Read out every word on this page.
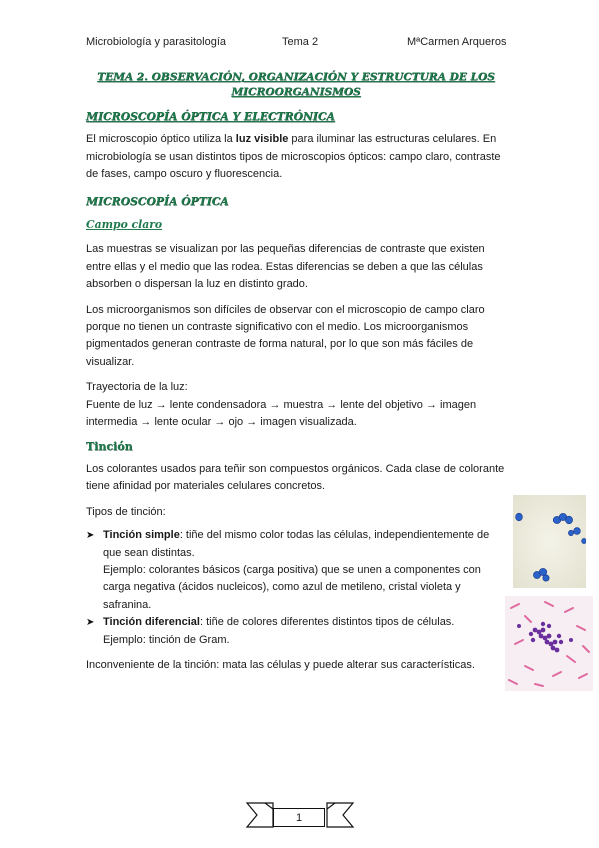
Microbiología y parasitología	Tema 2	MªCarmen Arqueros
TEMA 2. OBSERVACIÓN, ORGANIZACIÓN Y ESTRUCTURA DE LOS
MICROORGANISMOS
MICROSCOPÍA ÓPTICA Y ELECTRÓNICA

El microscopio óptico utiliza la luz visible para iluminar las estructuras celulares. En microbiología se usan distintos tipos de microscopios ópticos: campo claro, contraste de fases, campo oscuro y fluorescencia.

MICROSCOPÍA ÓPTICA
Campo claro

Las muestras se visualizan por las pequeñas diferencias de contraste que existen entre ellas y el medio que las rodea. Estas diferencias se deben a que las células absorben o dispersan la luz en distinto grado.

Los microorganismos son difíciles de observar con el microscopio de campo claro porque no tienen un contraste significativo con el medio. Los microorganismos pigmentados generan contraste de forma natural, por lo que son más fáciles de visualizar.

Trayectoria de la luz:
Fuente de luz → lente condensadora → muestra → lente del objetivo → imagen intermedia → lente ocular → ojo → imagen visualizada.

Tinción

Los colorantes usados para teñir son compuestos orgánicos. Cada clase de colorante tiene afinidad por materiales celulares concretos.

Tipos de tinción:

➤ Tinción simple: tiñe del mismo color todas las células, independientemente de que sean distintas.
Ejemplo: colorantes básicos (carga positiva) que se unen a componentes con carga negativa (ácidos nucleicos), como azul de metileno, cristal violeta y safranina.
➤ Tinción diferencial: tiñe de colores diferentes distintos tipos de células.
Ejemplo: tinción de Gram.

Inconveniente de la tinción: mata las células y puede alterar sus características.

1
